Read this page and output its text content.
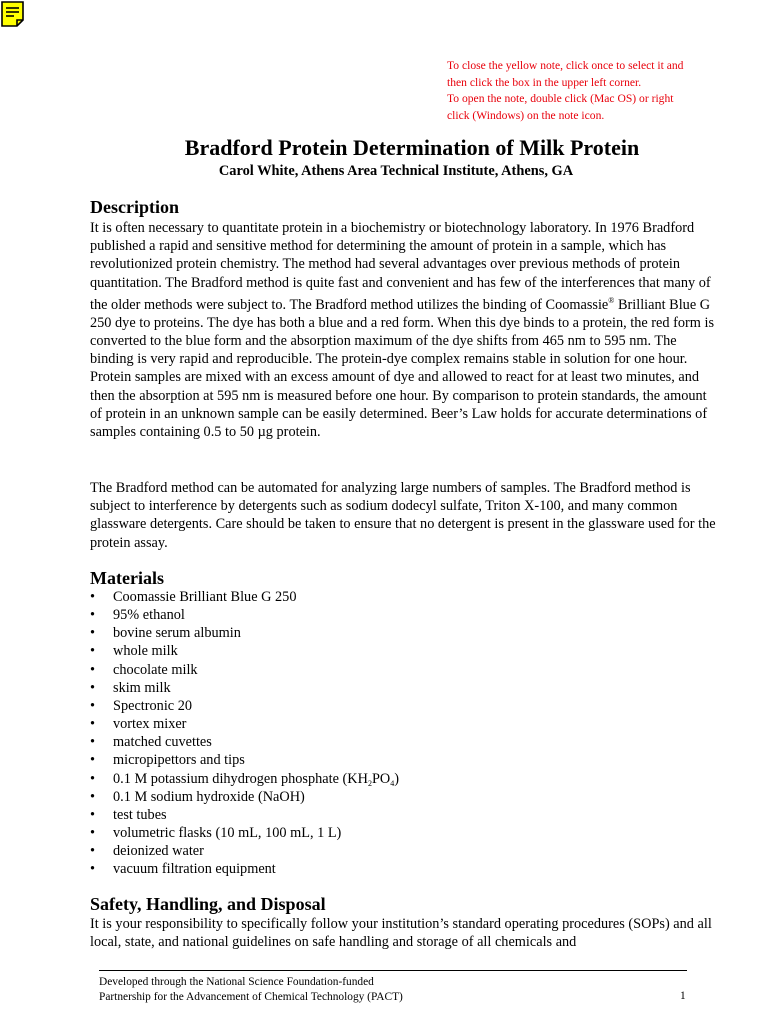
To close the yellow note, click once to select it and
then click the box in the upper left corner.
To open the note, double click (Mac OS) or right
click (Windows) on the note icon.
Bradford Protein Determination of Milk Protein

Carol White, Athens Area Technical Institute, Athens, GA

Description

It is often necessary to quantitate protein in a biochemistry or biotechnology laboratory. In 1976 Bradford published a rapid and sensitive method for determining the amount of protein in a sample, which has revolutionized protein chemistry. The method had several advantages over previous methods of protein quantitation. The Bradford method is quite fast and convenient and has few of the interferences that many of the older methods were subject to. The Bradford method utilizes the binding of Coomassie® Brilliant Blue G 250 dye to proteins. The dye has both a blue and a red form. When this dye binds to a protein, the red form is converted to the blue form and the absorption maximum of the dye shifts from 465 nm to 595 nm. The binding is very rapid and reproducible. The protein-dye complex remains stable in solution for one hour. Protein samples are mixed with an excess amount of dye and allowed to react for at least two minutes, and then the absorption at 595 nm is measured before one hour. By comparison to protein standards, the amount of protein in an unknown sample can be easily determined. Beer’s Law holds for accurate determinations of samples containing 0.5 to 50 µg protein.

The Bradford method can be automated for analyzing large numbers of samples. The Bradford method is subject to interference by detergents such as sodium dodecyl sulfate, Triton X-100, and many common glassware detergents. Care should be taken to ensure that no detergent is present in the glassware used for the protein assay.

Materials
• Coomassie Brilliant Blue G 250
• 95% ethanol
• bovine serum albumin
• whole milk
• chocolate milk
• skim milk
• Spectronic 20
• vortex mixer
• matched cuvettes
• micropipettors and tips
• 0.1 M potassium dihydrogen phosphate $(KH_2PO_4)$
• 0.1 M sodium hydroxide (NaOH)
• test tubes
• volumetric flasks (10 mL, 100 mL, 1 L)
• deionized water
• vacuum filtration equipment
Safety, Handling, and Disposal

It is your responsibility to specifically follow your institution’s standard operating procedures (SOPs) and all local, state, and national guidelines on safe handling and storage of all chemicals and

Developed through the National Science Foundation-funded
Partnership for the Advancement of Chemical Technology (PACT)	1
